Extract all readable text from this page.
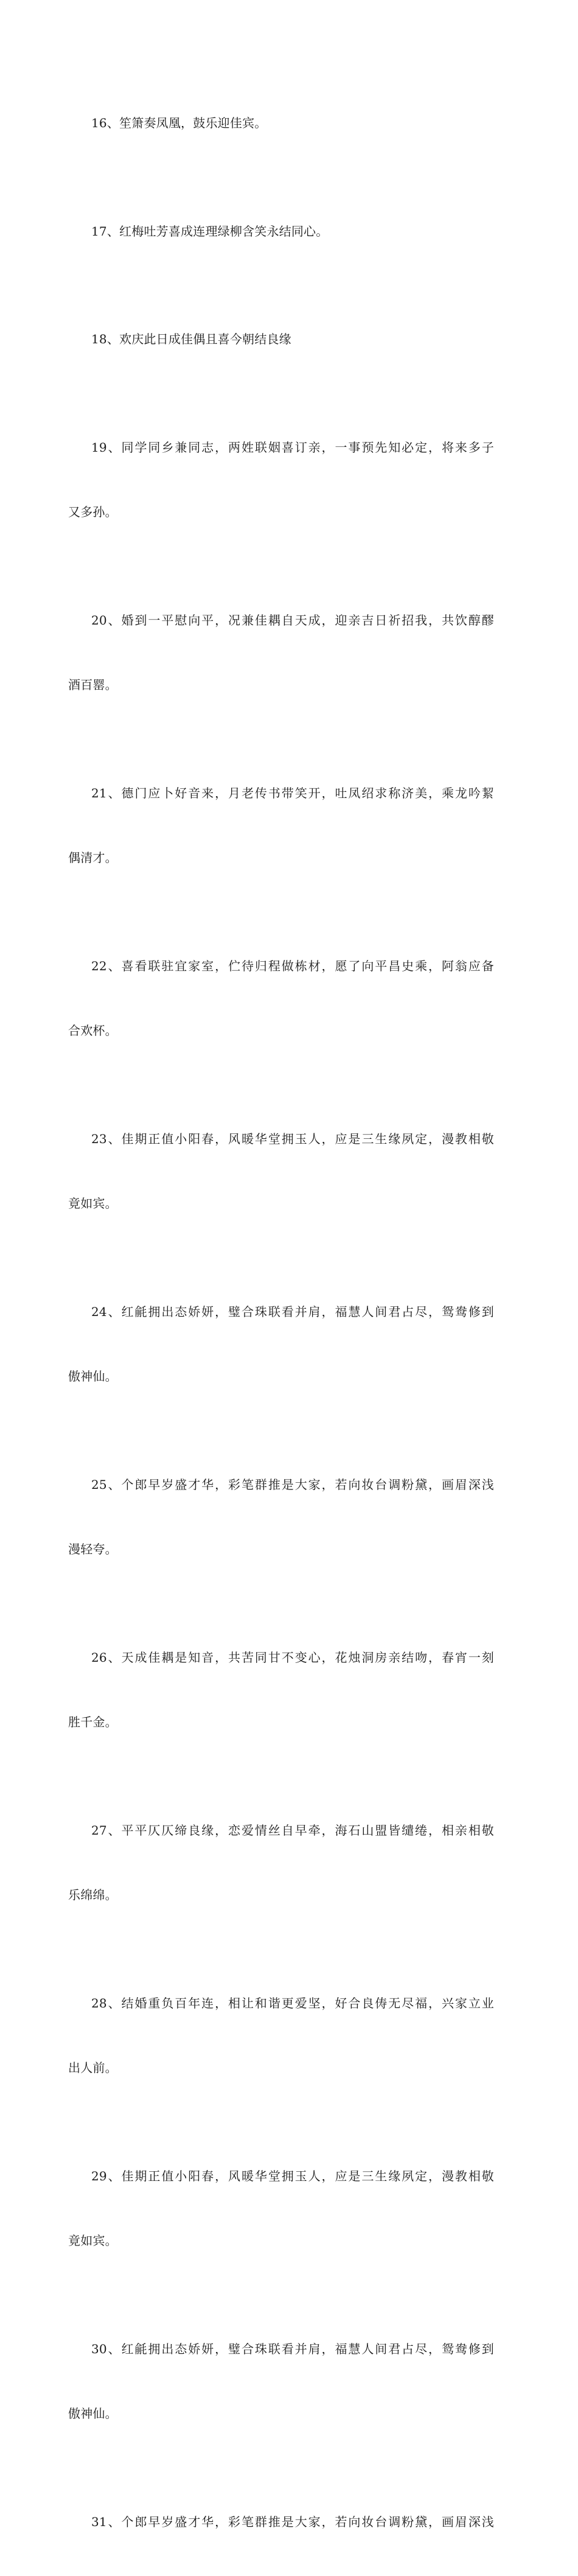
16、笙箫奏凤凰，鼓乐迎佳宾。

17、红梅吐芳喜成连理绿柳含笑永结同心。

18、欢庆此日成佳偶且喜今朝结良缘

19、同学同乡兼同志，两姓联姻喜订亲，一事预先知必定，将来多子

又多孙。

20、婚到一平慰向平，况兼佳耦自天成，迎亲吉日祈招我，共饮醇醪

酒百罂。

21、德门应卜好音来，月老传书带笑开，吐凤绍求称济美，乘龙吟絜

偶清才。

22、喜看联驻宜家室，伫待归程做栋材，愿了向平昌史乘，阿翁应备

合欢杯。

23、佳期正值小阳春，风暖华堂拥玉人，应是三生缘夙定，漫教相敬

竟如宾。

24、红毹拥出态娇妍，璧合珠联看并肩，福慧人间君占尽，鸳鸯修到

傲神仙。

25、个郎早岁盛才华，彩笔群推是大家，若向妆台调粉黛，画眉深浅

漫轻夸。

26、天成佳耦是知音，共苦同甘不变心，花烛洞房亲结吻，春宵一刻

胜千金。

27、平平仄仄缔良缘，恋爱情丝自早牵，海石山盟皆缱绻，相亲相敬

乐绵绵。

28、结婚重负百年连，相让和谐更爱坚，好合良俦无尽福，兴家立业

出人前。

29、佳期正值小阳春，风暖华堂拥玉人，应是三生缘夙定，漫教相敬

竟如宾。

30、红毹拥出态娇妍，璧合珠联看并肩，福慧人间君占尽，鸳鸯修到

傲神仙。

31、个郎早岁盛才华，彩笔群推是大家，若向妆台调粉黛，画眉深浅
